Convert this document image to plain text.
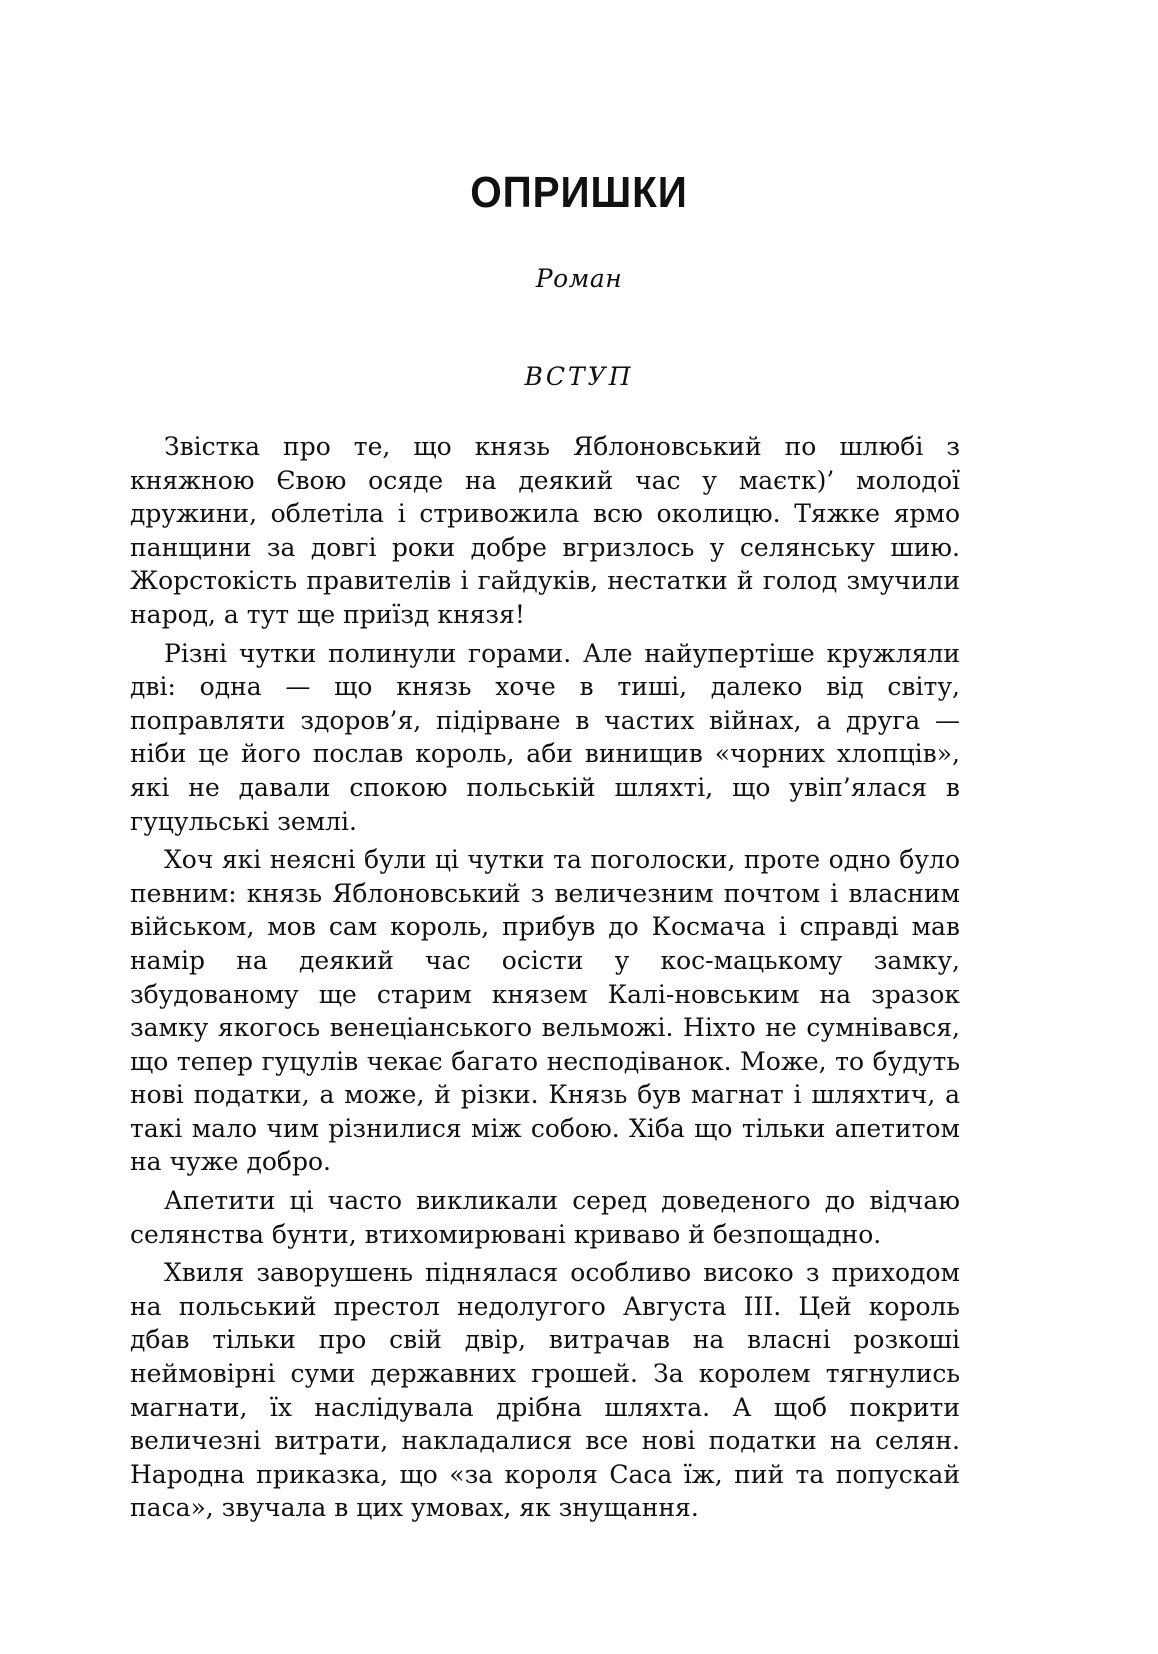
ОПРИШКИ
Роман
ВСТУП

Звістка про те, що князь Яблоновський по шлюбі з княжною Євою осяде на деякий час у маєтк)’ молодої дружини, облетіла і стривожила всю околицю. Тяжке ярмо панщини за довгі роки добре вгризлось у селянську шию. Жорстокість правителів і гайдуків, нестатки й голод змучили народ, а тут ще приїзд князя!

Різні чутки полинули горами. Але найупертіше кружляли дві: одна — що князь хоче в тиші, далеко від світу, поправляти здоров’я, підірване в частих війнах, а друга — ніби це його послав король, аби винищив «чорних хлопців», які не давали спокою польській шляхті, що увіп’ялася в гуцульські землі.

Хоч які неясні були ці чутки та поголоски, проте одно було певним: князь Яблоновський з величезним почтом і власним військом, мов сам король, прибув до Космача і справді мав намір на деякий час осісти у кос-мацькому замку, збудованому ще старим князем Калі-новським на зразок замку якогось венеціанського вельможі. Ніхто не сумнівався, що тепер гуцулів чекає багато несподіванок. Може, то будуть нові податки, а може, й різки. Князь був магнат і шляхтич, а такі мало чим різнилися між собою. Хіба що тільки апетитом на чуже добро.

Апетити ці часто викликали серед доведеного до відчаю селянства бунти, втихомирювані криваво й безпощадно.

Хвиля заворушень піднялася особливо високо з приходом на польський престол недолугого Августа III. Цей король дбав тільки про свій двір, витрачав на власні розкоші неймовірні суми державних грошей. За королем тягнулись магнати, їх наслідувала дрібна шляхта. А щоб покрити величезні витрати, накладалися все нові податки на селян. Народна приказка, що «за короля Саса їж, пий та попускай паса», звучала в цих умовах, як знущання.
